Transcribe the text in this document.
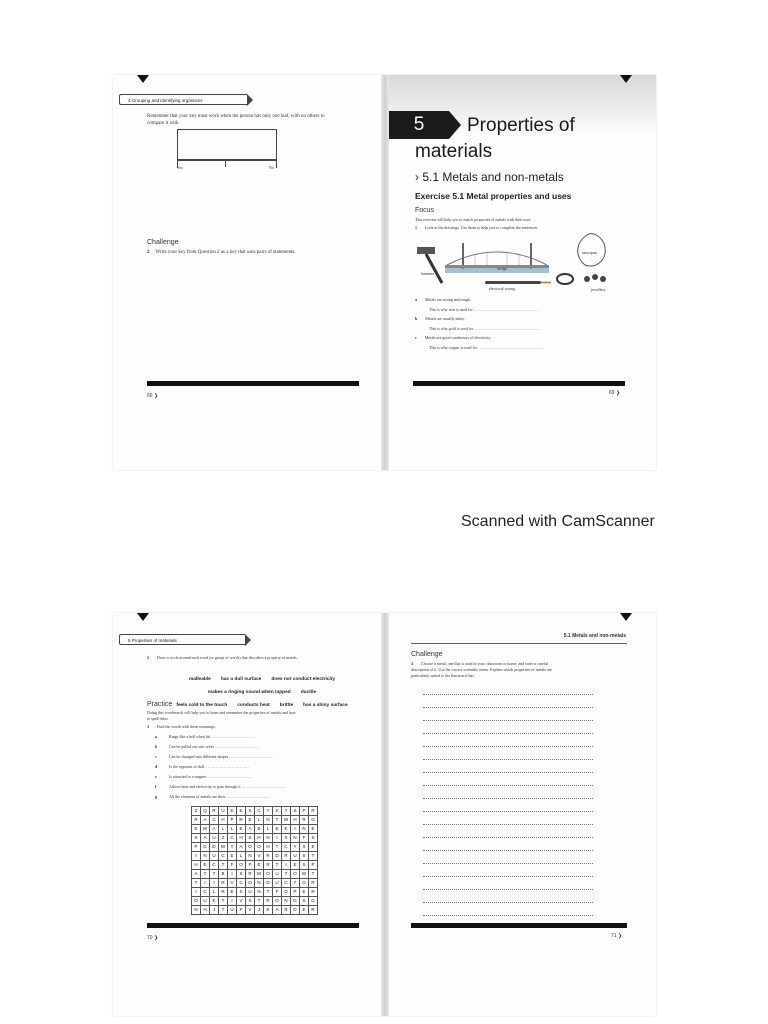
4 Grouping and identifying organisms
Remember that your key must work when the person has only one leaf, with no others to compare it with.
Yes	No
Challenge
2 Write your key from Question 2 as a key that uses pairs of statements.
66 ❯
5	Properties of
materials
› 5.1 Metals and non-metals
Exercise 5.1 Metal properties and uses
Focus
This exercise will help you to match properties of metals with their uses.
1 Look at the drawings. Use them to help you to complete the sentences.
hammer
bridge
electrical wiring
saucepan
jewellery
a Metals are strong and tough.
This is why iron is used for ………………………………………… .
b Metals are usually shiny.
This is why gold is used for ………………………………………… .
c Metals are good conductors of electricity.
This is why copper is used for ………………………………………… .
69 ❯
Scanned with CamScanner
5 Properties of materials
2 Draw a circle around each word (or group of words) that describes a property of metals.
malleable has a dull surface does not conduct electricity
makes a ringing sound when tapped ductile
feels cold to the touch conducts heat brittle has a shiny surface
Practice
Doing this wordsearch will help you to learn and remember the properties of metals and how to spell them.
3 Find the words with these meanings.
a	Rings like a bell when hit ……………………………
b	Can be pulled out into wires ……………………………
c	Can be changed into different shapes ……………………………
d	Is the opposite of dull ……………………………
e	Is attracted to a magnet ……………………………
f	Allows heat and electricity to pass through it ……………………………
g	All the elements of metals are their ……………………………
Z	Q	R	U	E	E	S	C	Y	S	T	S	P	R
R	A	C	H	P	R	E	L	N	T	W	H	R	G
E	M	A	L	L	E	A	B	L	E	E	I	N	E
S	A	U	Z	C	H	S	H	N	I	X	N	F	S
P	G	D	W	Y	A	O	O	H	T	C	Y	X	E
I	N	U	C	E	L	N	V	R	D	R	U	S	T
H	E	C	T	F	O	P	E	R	T	I	E	S	P
A	T	T	B	I	S	R	M	O	U	T	O	W	T
T	I	I	R	V	C	O	N	D	U	C	T	O	R
I	C	L	R	E	S	U	N	T	F	O	P	E	R
O	U	E	T	I	V	S	T	R	O	N	G	S	G
N	H	J	T	U	F	V	J	E	A	R	D	E	R
70 ❯
5.1 Metals and non-metals
Challenge
4 Choose a metal, one that is used in your classroom or home, and write a careful description of it. Use the correct scientific terms. Explain which properties of metals are particularly suited to the function it has.
71 ❯
